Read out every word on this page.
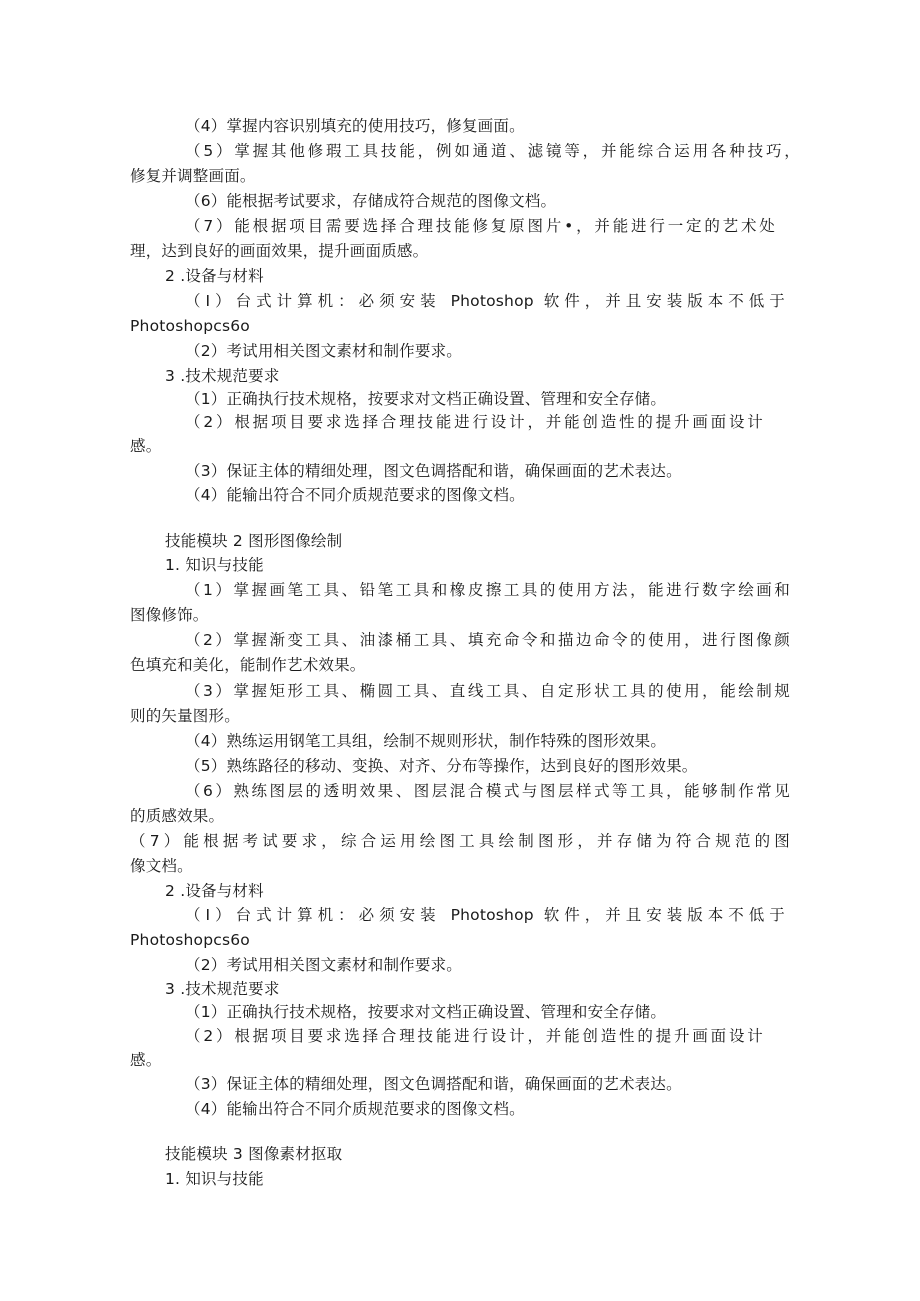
（4）掌握内容识别填充的使用技巧，修复画面。
（5）掌握其他修瑕工具技能，例如通道、滤镜等，并能综合运用各种技巧，
修复并调整画面。
（6）能根据考试要求，存储成符合规范的图像文档。
（7）能根据项目需要选择合理技能修复原图片•，并能进行一定的艺术处
理，达到良好的画面效果，提升画面质感。
2 .设备与材料
（I）台式计算机：必须安装 Photoshop 软件，并且安装版本不低于
Photoshopcs6o
（2）考试用相关图文素材和制作要求。
3 .技术规范要求
（1）正确执行技术规格，按要求对文档正确设置、管理和安全存储。
（2）根据项目要求选择合理技能进行设计，并能创造性的提升画面设计
感。
（3）保证主体的精细处理，图文色调搭配和谐，确保画面的艺术表达。
（4）能输出符合不同介质规范要求的图像文档。
技能模块 2 图形图像绘制
1. 知识与技能
（1）掌握画笔工具、铅笔工具和橡皮擦工具的使用方法，能进行数字绘画和
图像修饰。
（2）掌握渐变工具、油漆桶工具、填充命令和描边命令的使用，进行图像颜
色填充和美化，能制作艺术效果。
（3）掌握矩形工具、椭圆工具、直线工具、自定形状工具的使用，能绘制规
则的矢量图形。
（4）熟练运用钢笔工具组，绘制不规则形状，制作特殊的图形效果。
（5）熟练路径的移动、变换、对齐、分布等操作，达到良好的图形效果。
（6）熟练图层的透明效果、图层混合模式与图层样式等工具，能够制作常见
的质感效果。
（7）能根据考试要求，综合运用绘图工具绘制图形，并存储为符合规范的图
像文档。
2 .设备与材料
（I）台式计算机：必须安装 Photoshop 软件，并且安装版本不低于
Photoshopcs6o
（2）考试用相关图文素材和制作要求。
3 .技术规范要求
（1）正确执行技术规格，按要求对文档正确设置、管理和安全存储。
（2）根据项目要求选择合理技能进行设计，并能创造性的提升画面设计
感。
（3）保证主体的精细处理，图文色调搭配和谐，确保画面的艺术表达。
（4）能输出符合不同介质规范要求的图像文档。
技能模块 3 图像素材抠取
1. 知识与技能
